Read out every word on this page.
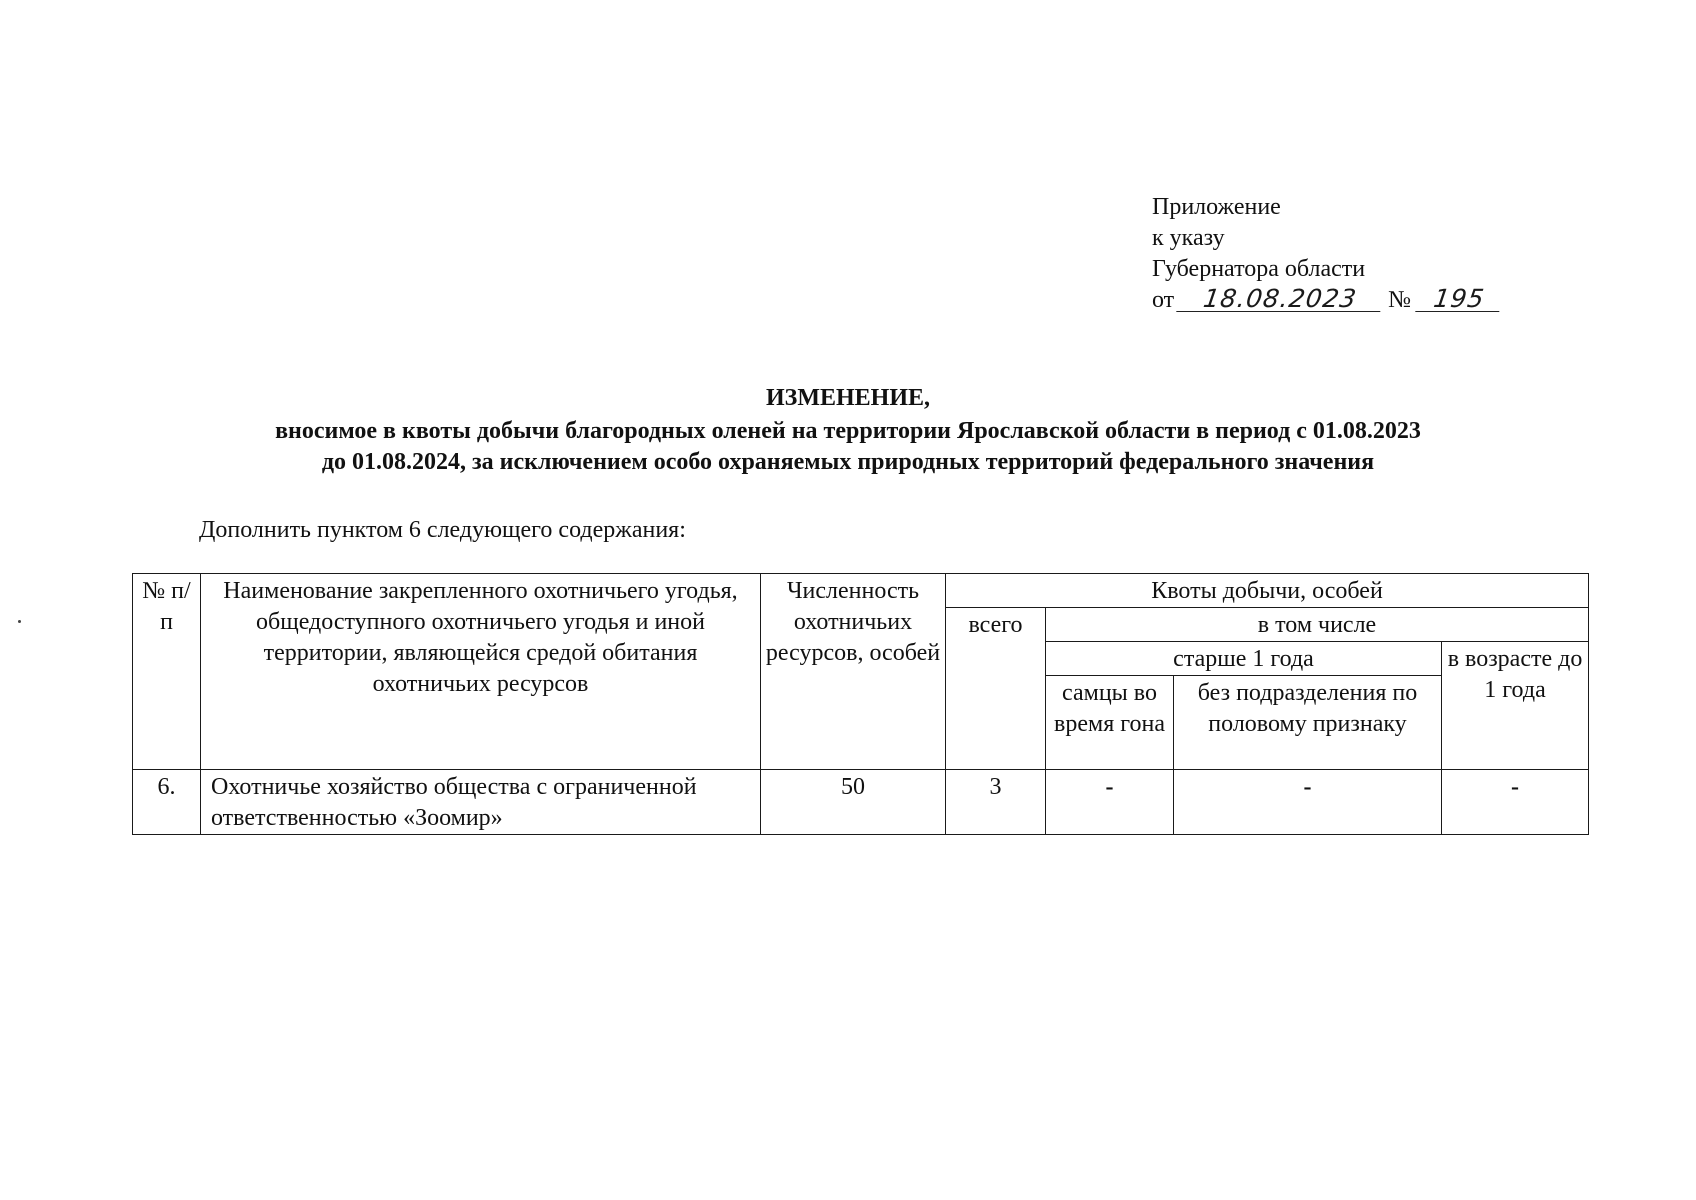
Приложение
к указу
Губернатора области
от 18.08.2023 № 195
ИЗМЕНЕНИЕ,
вносимое в квоты добычи благородных оленей на территории Ярославской области в период с 01.08.2023
до 01.08.2024, за исключением особо охраняемых природных территорий федерального значения
Дополнить пунктом 6 следующего содержания:
№ п/п	Наименование закрепленного охотничьего угодья, общедоступного охотничьего угодья и иной территории, являющейся средой обитания охотничьих ресурсов	Численность охотничьих ресурсов, особей	Квоты добычи, особей			
			всего	в том числе		
				старше 1 года		в возрасте до 1 года
				самцы во время гона	без подразделения по половому признаку	
6.	Охотничье хозяйство общества с ограниченной ответственностью «Зоомир»	50	3	-	-	-
